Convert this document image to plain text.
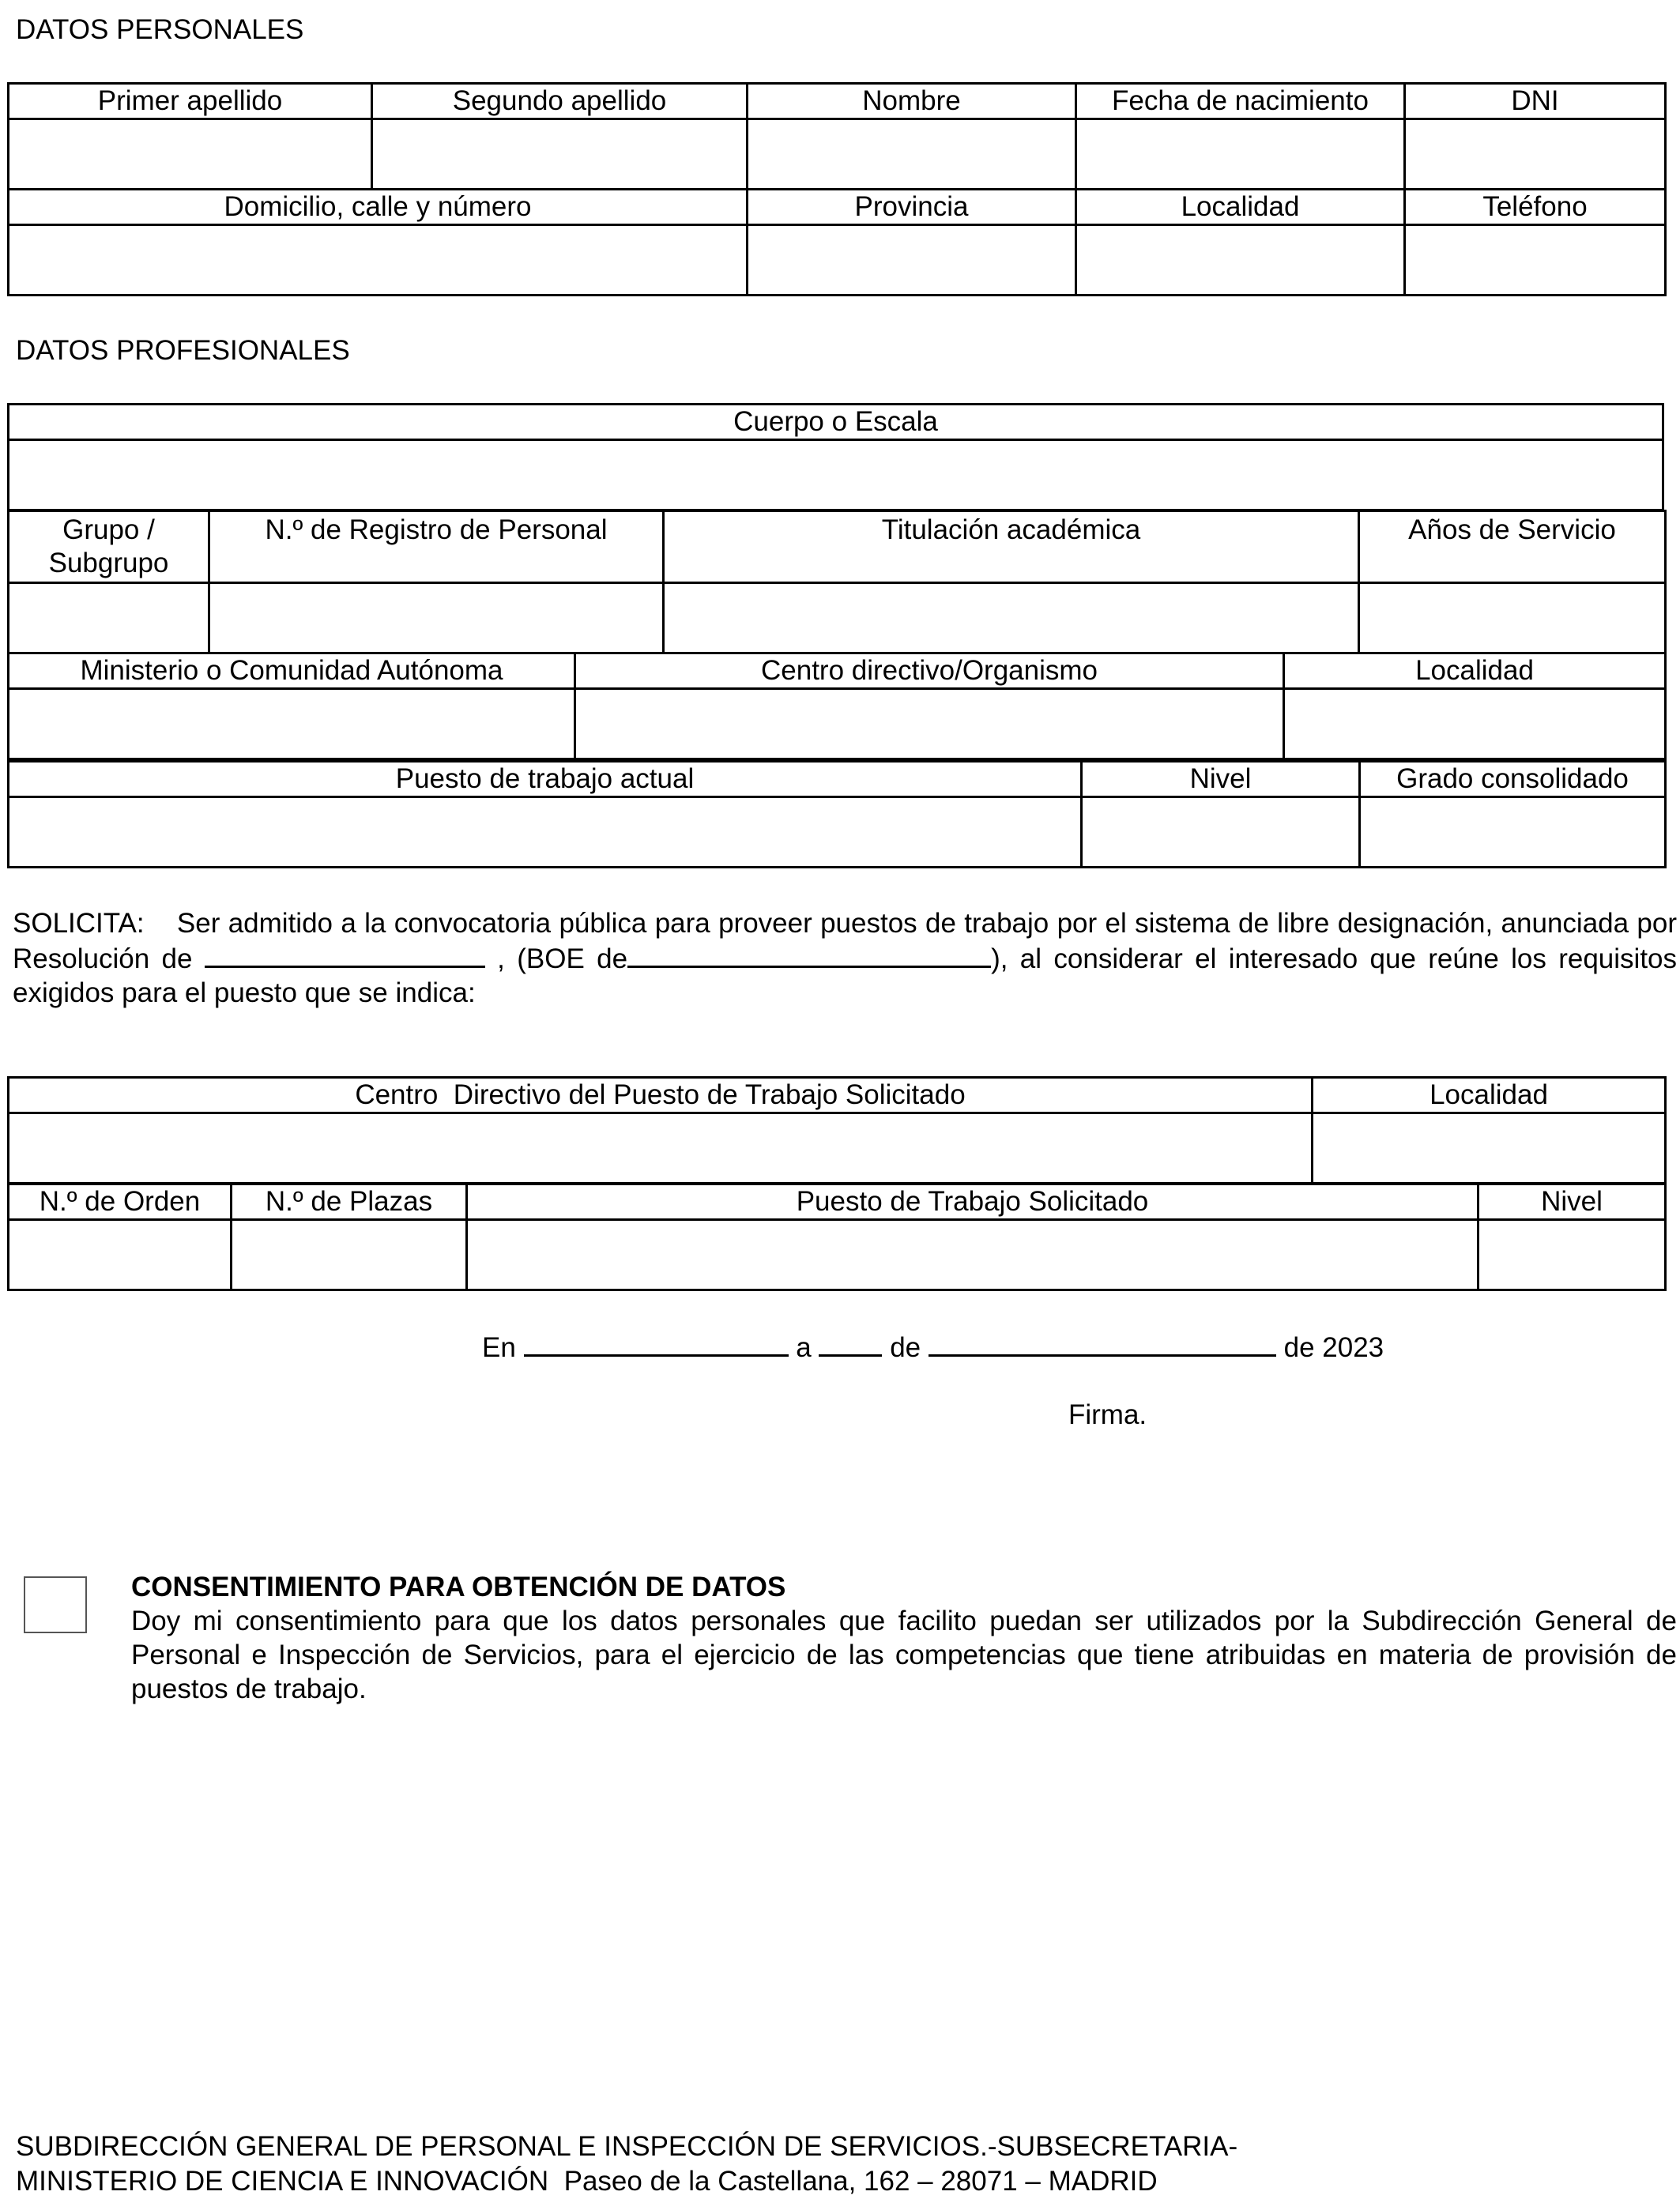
DATOS PERSONALES
Primer apellido	Segundo apellido	Nombre	Fecha de nacimiento	DNI

Domicilio, calle y número		Provincia	Localidad	Teléfono

DATOS PROFESIONALES
Cuerpo o Escala

Grupo /
Subgrupo	N.º de Registro de Personal	Titulación académica	Años de Servicio

Ministerio o Comunidad Autónoma	Centro directivo/Organismo	Localidad

Puesto de trabajo actual	Nivel	Grado consolidado

SOLICITA: Ser admitido a la convocatoria pública para proveer puestos de trabajo por el sistema de libre designación, anunciada por Resolución de	, (BOE de	), al considerar el interesado que reúne los requisitos exigidos para el puesto que se indica:
Centro  Directivo del Puesto de Trabajo Solicitado	Localidad

N.º de Orden	N.º de Plazas	Puesto de Trabajo Solicitado	Nivel

En	a	de	de 2023
Firma.
CONSENTIMIENTO PARA OBTENCIÓN DE DATOS
Doy mi consentimiento para que los datos personales que facilito puedan ser utilizados por la Subdirección General de Personal e Inspección de Servicios, para el ejercicio de las competencias que tiene atribuidas en materia de provisión de puestos de trabajo.
SUBDIRECCIÓN GENERAL DE PERSONAL E INSPECCIÓN DE SERVICIOS.-SUBSECRETARIA-
MINISTERIO DE CIENCIA E INNOVACIÓN  Paseo de la Castellana, 162 – 28071 – MADRID
